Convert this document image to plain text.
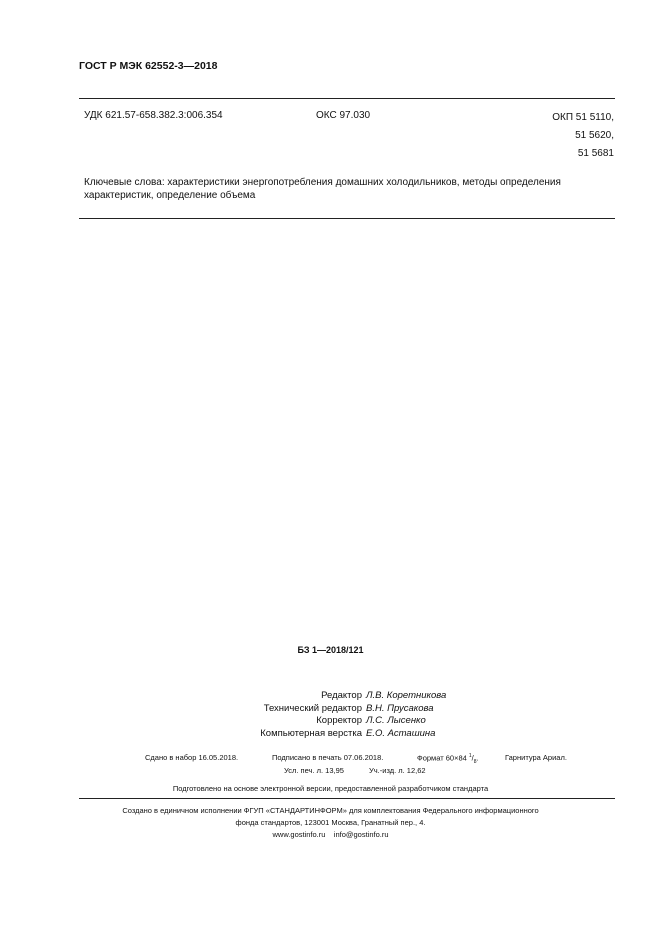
ГОСТ Р МЭК 62552-3—2018
УДК 621.57-658.382.3:006.354	ОКС 97.030	ОКП 51 5110,
51 5620,
51 5681
Ключевые слова: характеристики энергопотребления домашних холодильников, методы определения характеристик, определение объема
БЗ 1—2018/121
Редактор Л.В. Коретникова
Технический редактор В.Н. Прусакова
Корректор Л.С. Лысенко
Компьютерная верстка Е.О. Асташина
Сдано в набор 16.05.2018.	Подписано в печать 07.06.2018.	Формат 60×84 $^1/_8$.	Гарнитура Ариал.
Усл. печ. л. 13,95	Уч.-изд. л. 12,62
Подготовлено на основе электронной версии, предоставленной разработчиком стандарта
Создано в единичном исполнении ФГУП «СТАНДАРТИНФОРМ» для комплектования Федерального информационного
фонда стандартов, 123001 Москва, Гранатный пер., 4.
www.gostinfo.ru info@gostinfo.ru
